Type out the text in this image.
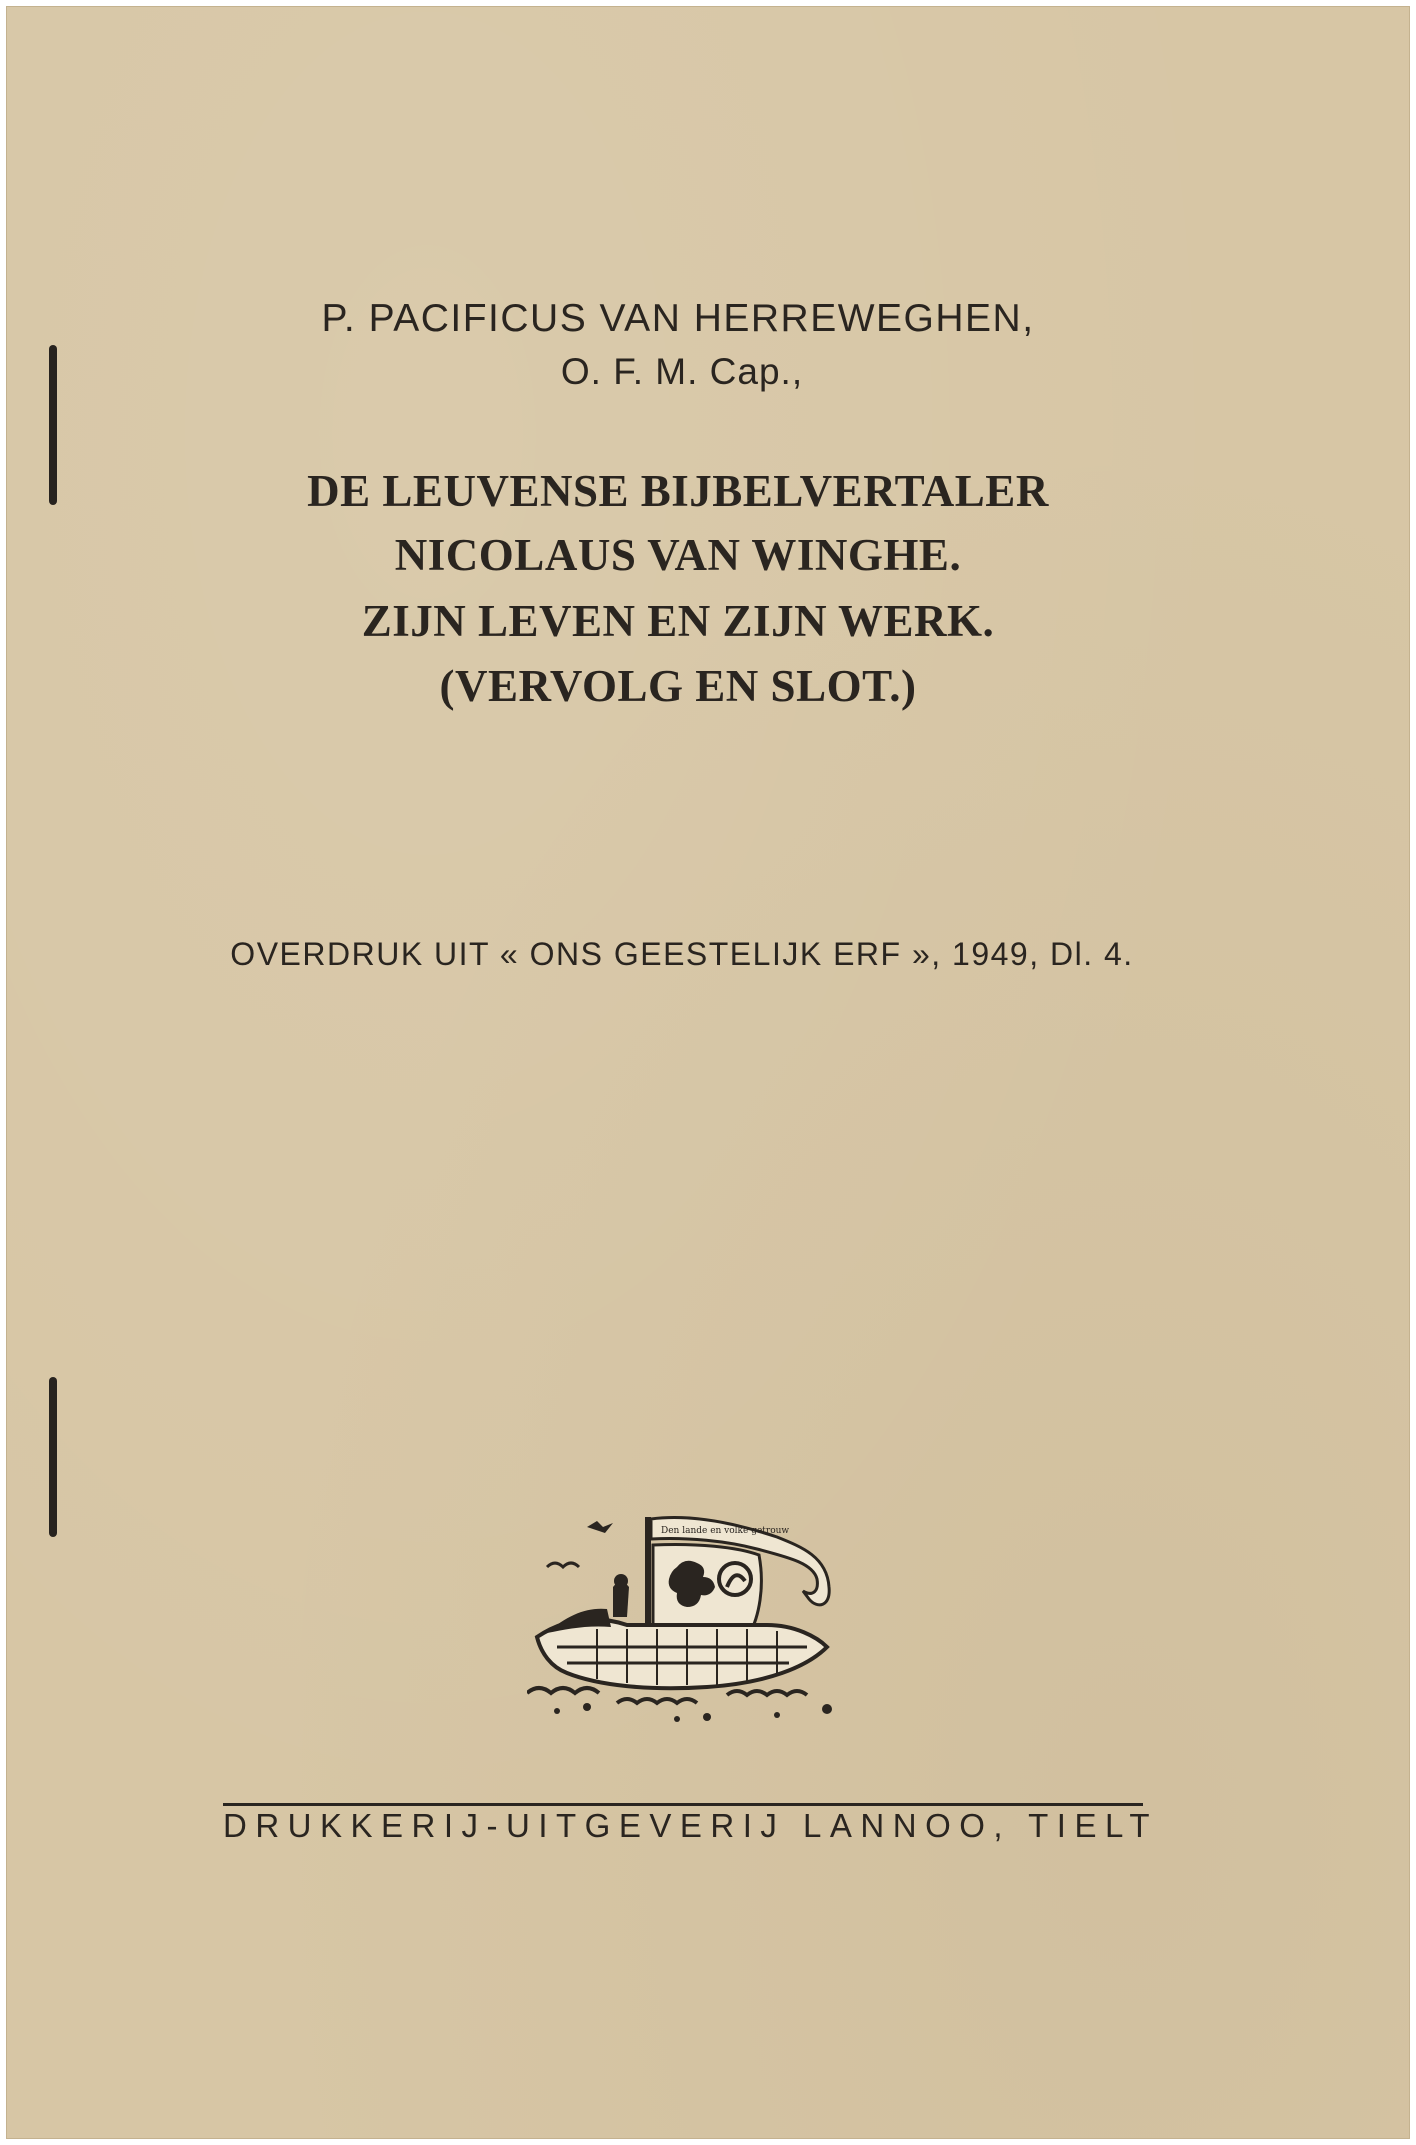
P. PACIFICUS VAN HERREWEGHEN,

O. F. M. Cap.,

DE LEUVENSE BIJBELVERTALER

NICOLAUS VAN WINGHE.

ZIJN LEVEN EN ZIJN WERK.

(VERVOLG EN SLOT.)

OVERDRUK UIT « ONS GEESTELIJK ERF », 1949, Dl. 4.

Den lande en volke getrouw

DRUKKERIJ-UITGEVERIJ LANNOO, TIELT
